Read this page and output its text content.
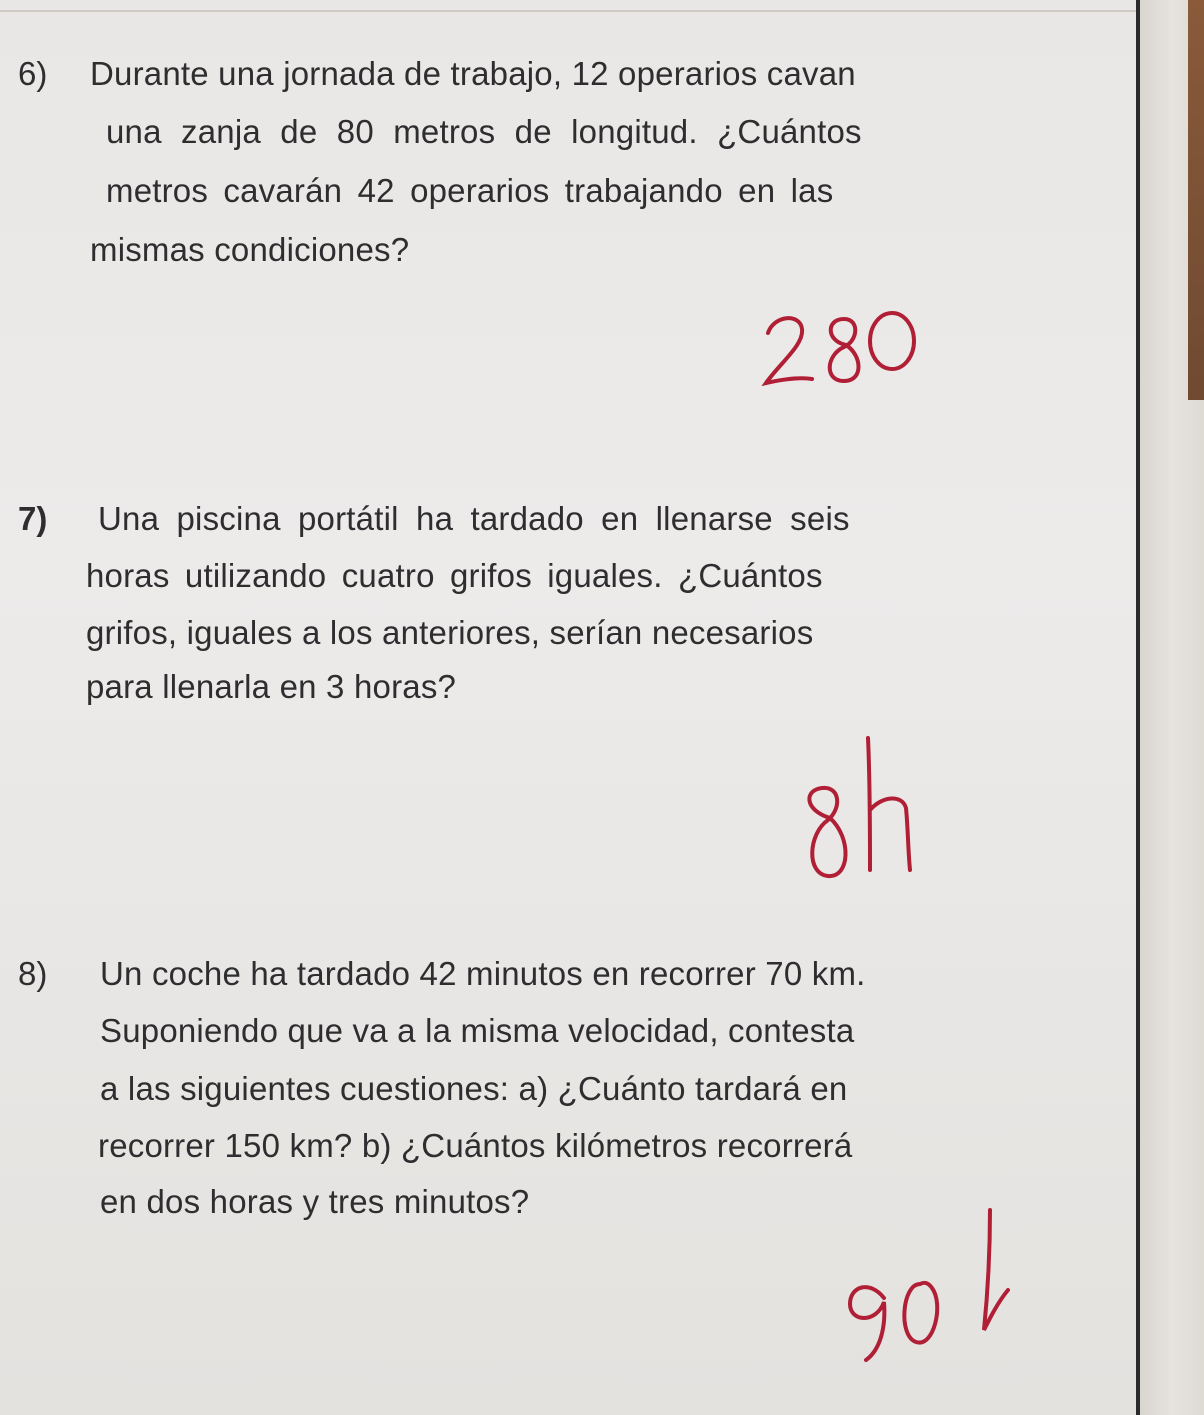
6) Durante una jornada de trabajo, 12 operarios cavan
una zanja de 80 metros de longitud. ¿Cuántos
metros cavarán 42 operarios trabajando en las
mismas condiciones?
7) Una piscina portátil ha tardado en llenarse seis
horas utilizando cuatro grifos iguales. ¿Cuántos
grifos, iguales a los anteriores, serían necesarios
para llenarla en 3 horas?
8) Un coche ha tardado 42 minutos en recorrer 70 km.
Suponiendo que va a la misma velocidad, contesta
a las siguientes cuestiones: a) ¿Cuánto tardará en
recorrer 150 km? b) ¿Cuántos kilómetros recorrerá
en dos horas y tres minutos?
